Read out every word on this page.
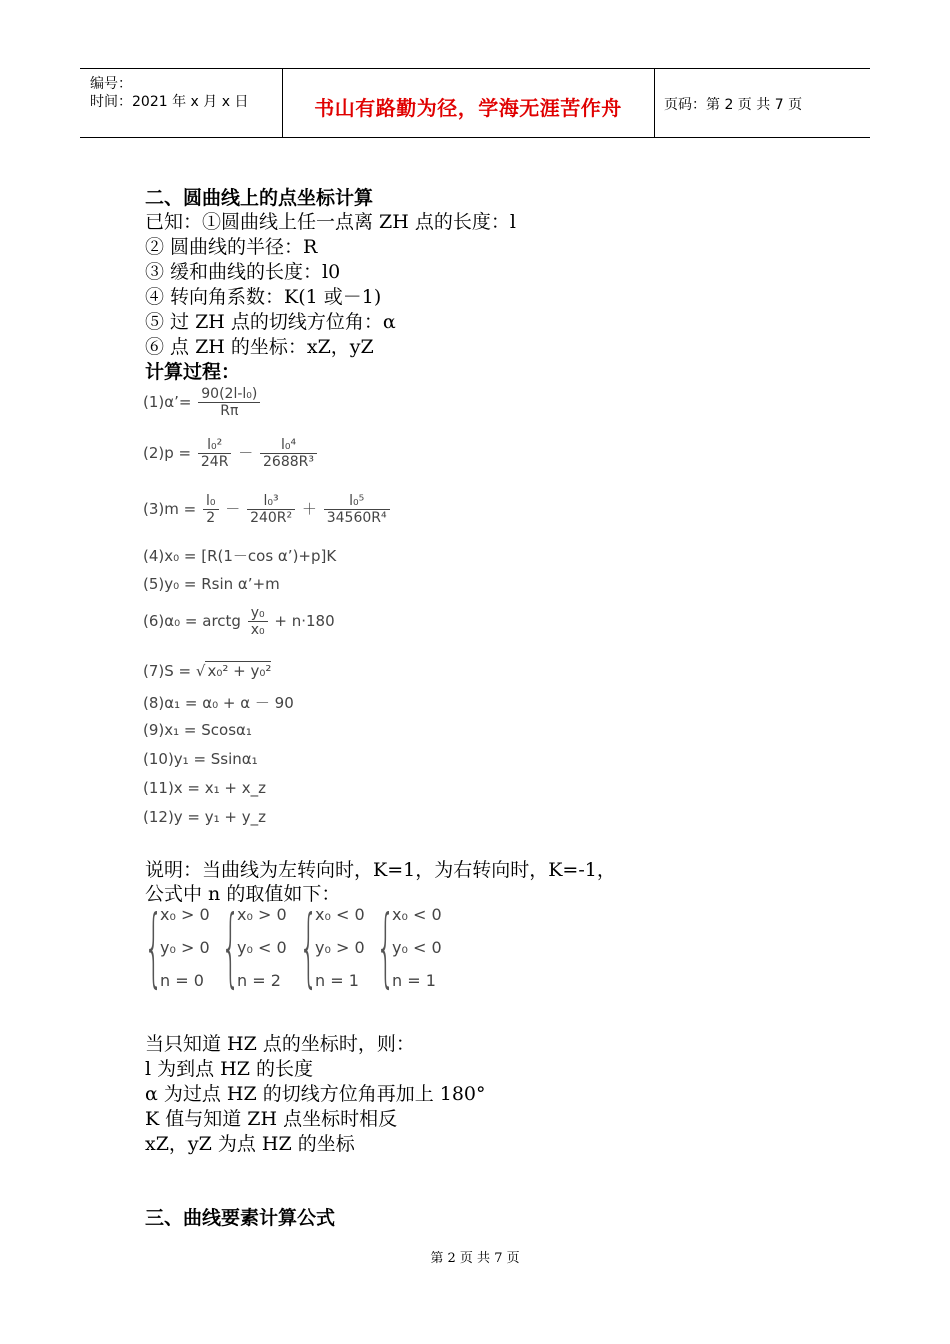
编号：
时间：2021 年 x 月 x 日	书山有路勤为径，学海无涯苦作舟	页码：第 2 页 共 7 页
二、圆曲线上的点坐标计算
已知：①圆曲线上任一点离 ZH 点的长度：l
② 圆曲线的半径：R
③ 缓和曲线的长度：l0
④ 转向角系数：K(1 或－1)
⑤ 过 ZH 点的切线方位角：α
⑥ 点 ZH 的坐标：xZ，yZ
计算过程：
(1)α’= $\frac{\text{90(2l-l₀)}}{R\pi}$
$(2)p = \frac{\text{l₀²}}{24R} - \frac{\text{l₀⁴}}{\text{2688R³}}$
$(3)m = \frac{\text{l₀}}{2} - \frac{\text{l₀³}}{\text{240R²}} + \frac{\text{l₀⁵}}{\text{34560R⁴}}$
(4)x₀ = [R(1－cos α’)+p]K
(5)y₀ = Rsin α’+m
(6)α₀ = arctg $\frac{\text{y₀}}{\text{x₀}} + n\cdot 180$
(7)S = √ x₀² + y₀²
(8)α₁ = α₀ + α － 90
(9)x₁ = Scosα₁
(10)y₁ = Ssinα₁
(11)x = x₁ + x_z
(12)y = y₁ + y_z
说明：当曲线为左转向时，K=1，为右转向时，K=-1，
公式中 n 的取值如下：
{
x₀ > 0
y₀ > 0
n = 0 {
x₀ > 0
y₀ < 0
n = 2 {
x₀ < 0
y₀ > 0
n = 1 {
x₀ < 0
y₀ < 0
n = 1
当只知道 HZ 点的坐标时，则：
l 为到点 HZ 的长度
α 为过点 HZ 的切线方位角再加上 180°
K 值与知道 ZH 点坐标时相反
xZ，yZ 为点 HZ 的坐标
三、曲线要素计算公式
第 2 页 共 7 页
